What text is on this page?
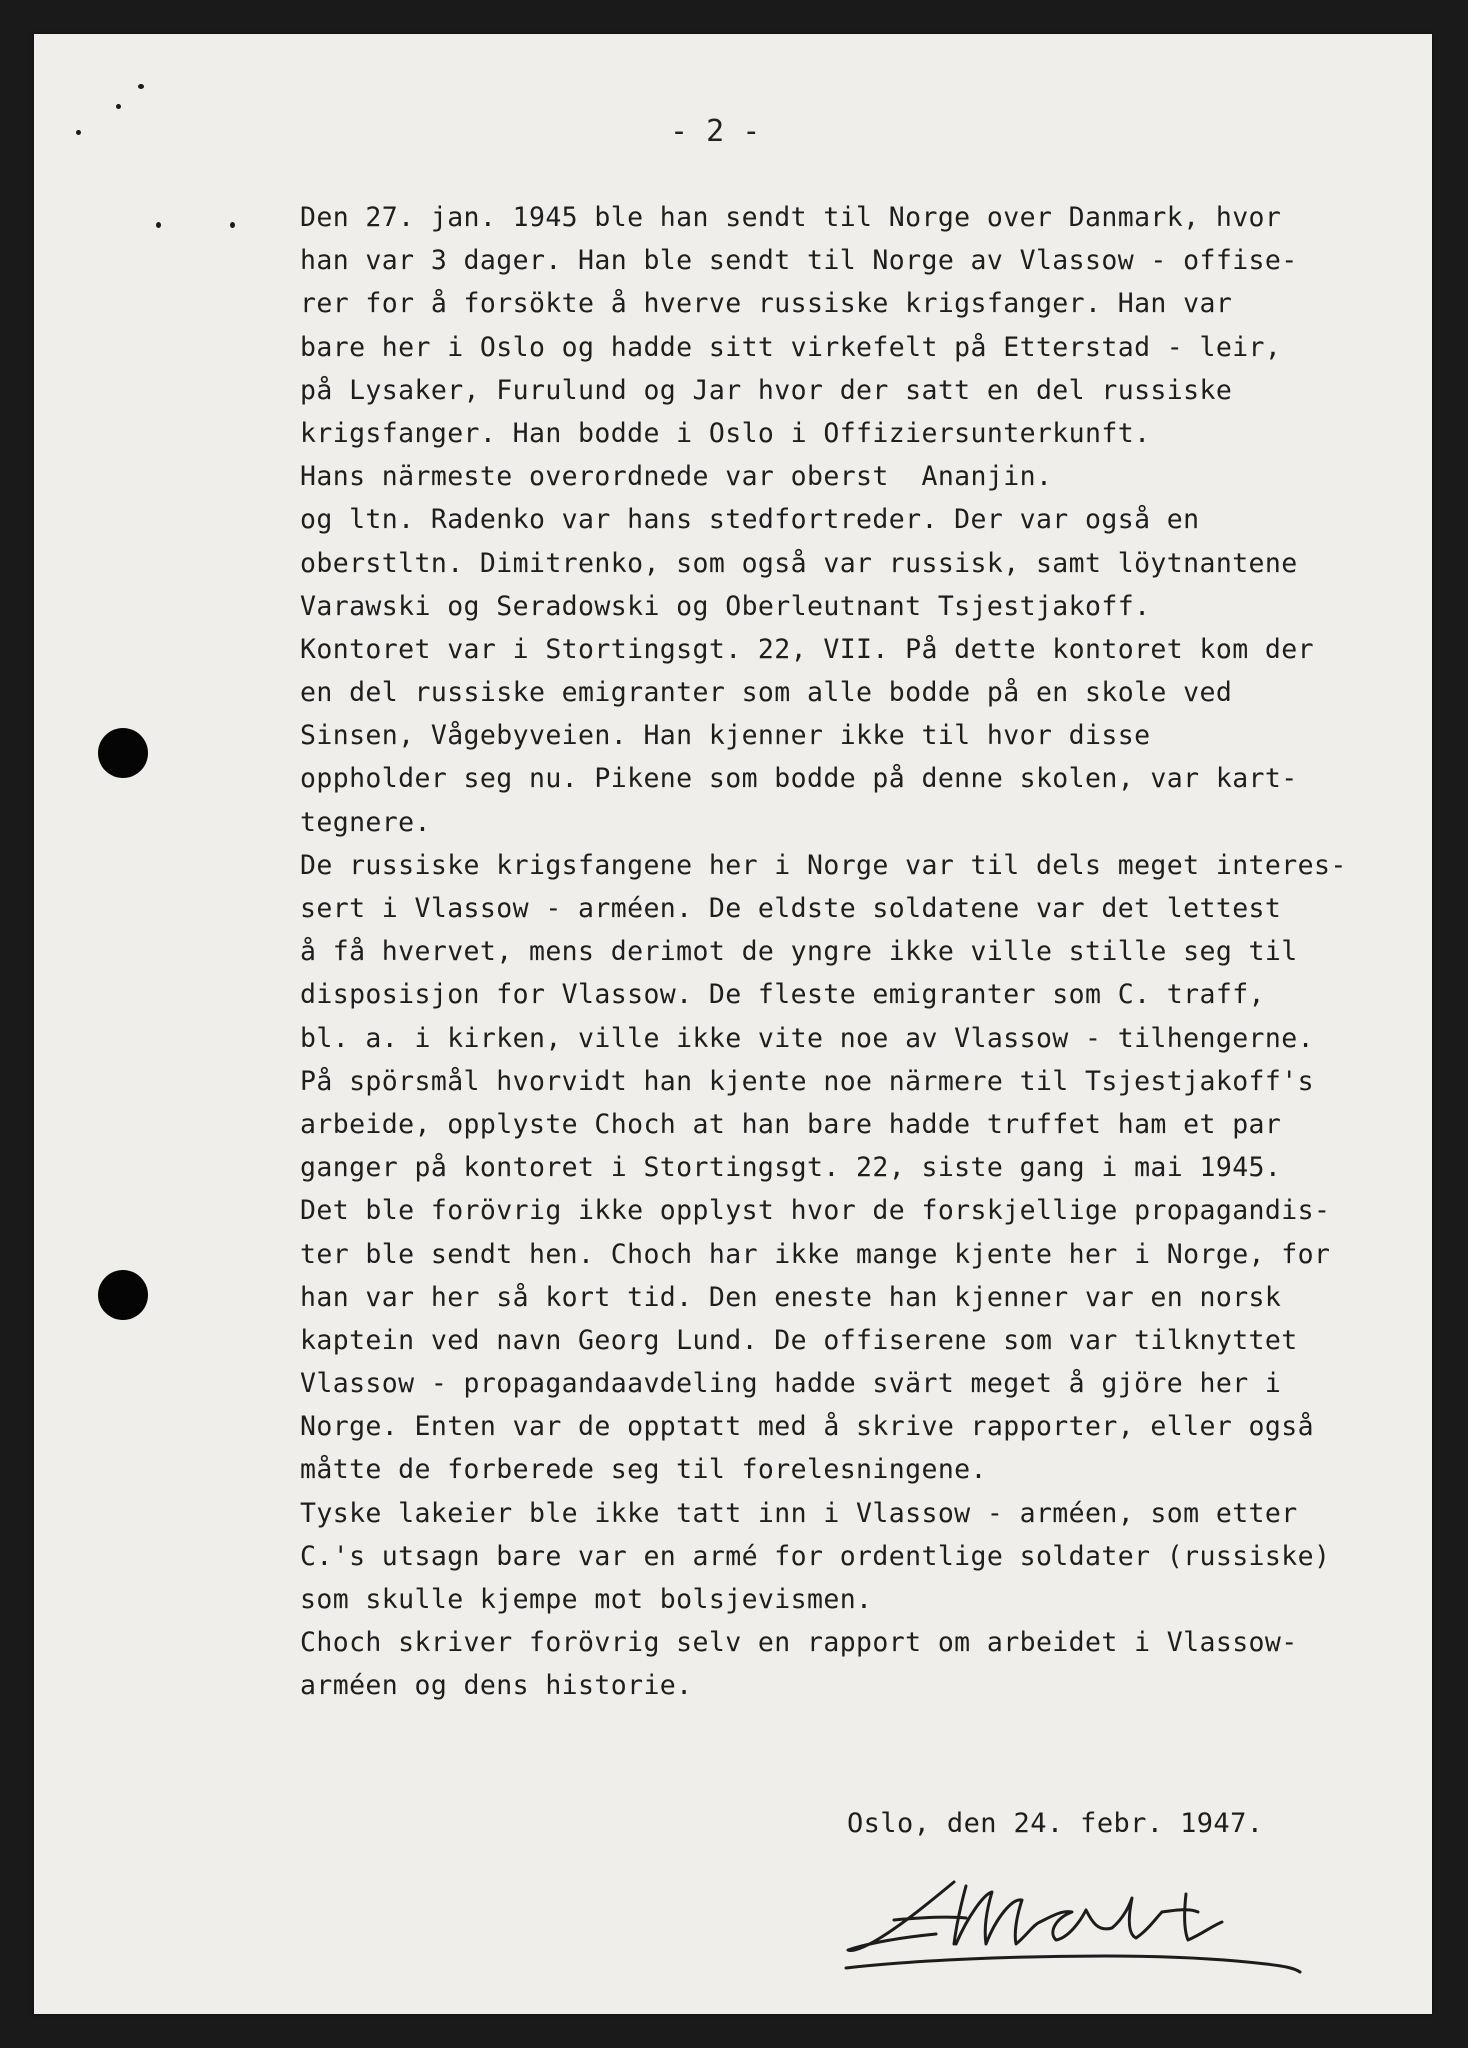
- 2 -
Den 27. jan. 1945 ble han sendt til Norge over Danmark, hvor
han var 3 dager. Han ble sendt til Norge av Vlassow - offise-
rer for å forsökte å hverve russiske krigsfanger. Han var
bare her i Oslo og hadde sitt virkefelt på Etterstad - leir,
på Lysaker, Furulund og Jar hvor der satt en del russiske
krigsfanger. Han bodde i Oslo i Offiziersunterkunft.
Hans närmeste overordnede var oberst  Ananjin.
og ltn. Radenko var hans stedfortreder. Der var også en
oberstltn. Dimitrenko, som også var russisk, samt löytnantene
Varawski og Seradowski og Oberleutnant Tsjestjakoff.
Kontoret var i Stortingsgt. 22, VII. På dette kontoret kom der
en del russiske emigranter som alle bodde på en skole ved
Sinsen, Vågebyveien. Han kjenner ikke til hvor disse
oppholder seg nu. Pikene som bodde på denne skolen, var kart-
tegnere.
De russiske krigsfangene her i Norge var til dels meget interes-
sert i Vlassow - arméen. De eldste soldatene var det lettest
å få hvervet, mens derimot de yngre ikke ville stille seg til
disposisjon for Vlassow. De fleste emigranter som C. traff,
bl. a. i kirken, ville ikke vite noe av Vlassow - tilhengerne.
På spörsmål hvorvidt han kjente noe närmere til Tsjestjakoff's
arbeide, opplyste Choch at han bare hadde truffet ham et par
ganger på kontoret i Stortingsgt. 22, siste gang i mai 1945.
Det ble forövrig ikke opplyst hvor de forskjellige propagandis-
ter ble sendt hen. Choch har ikke mange kjente her i Norge, for
han var her så kort tid. Den eneste han kjenner var en norsk
kaptein ved navn Georg Lund. De offiserene som var tilknyttet
Vlassow - propagandaavdeling hadde svärt meget å gjöre her i
Norge. Enten var de opptatt med å skrive rapporter, eller også
måtte de forberede seg til forelesningene.
Tyske lakeier ble ikke tatt inn i Vlassow - arméen, som etter
C.'s utsagn bare var en armé for ordentlige soldater (russiske)
som skulle kjempe mot bolsjevismen.
Choch skriver forövrig selv en rapport om arbeidet i Vlassow-
arméen og dens historie.
Oslo, den 24. febr. 1947.
